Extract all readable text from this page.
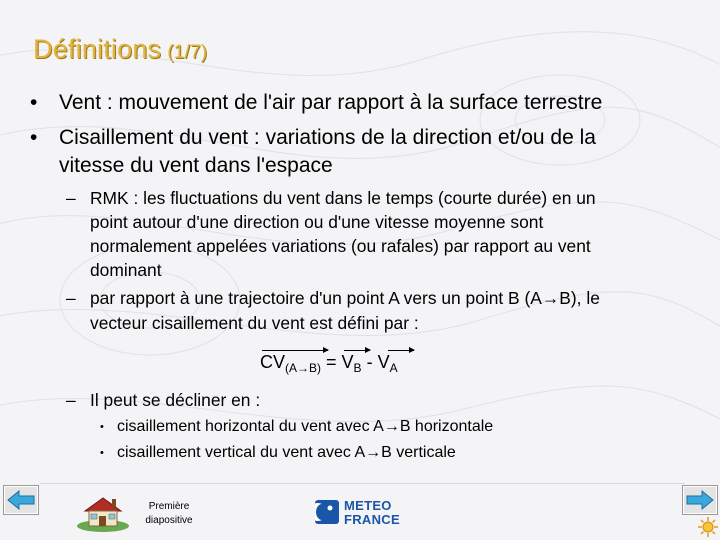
Définitions (1/7)
• Vent : mouvement de l'air par rapport à la surface terrestre
• Cisaillement du vent : variations de la direction et/ou de la
vitesse du vent dans l'espace
– RMK : les fluctuations du vent dans le temps (courte durée) en un
point autour d'une direction ou d'une vitesse moyenne sont
normalement appelées variations (ou rafales) par rapport au vent
dominant
– par rapport à une trajectoire d'un point A vers un point B (A→B), le
vecteur cisaillement du vent est défini par :
$CV_{(A\to B)} = V_B - V_A$
– Il peut se décliner en :
• cisaillement horizontal du vent avec A→B horizontale
• cisaillement vertical du vent avec A→B verticale
Première
diapositive
METEO
FRANCE
